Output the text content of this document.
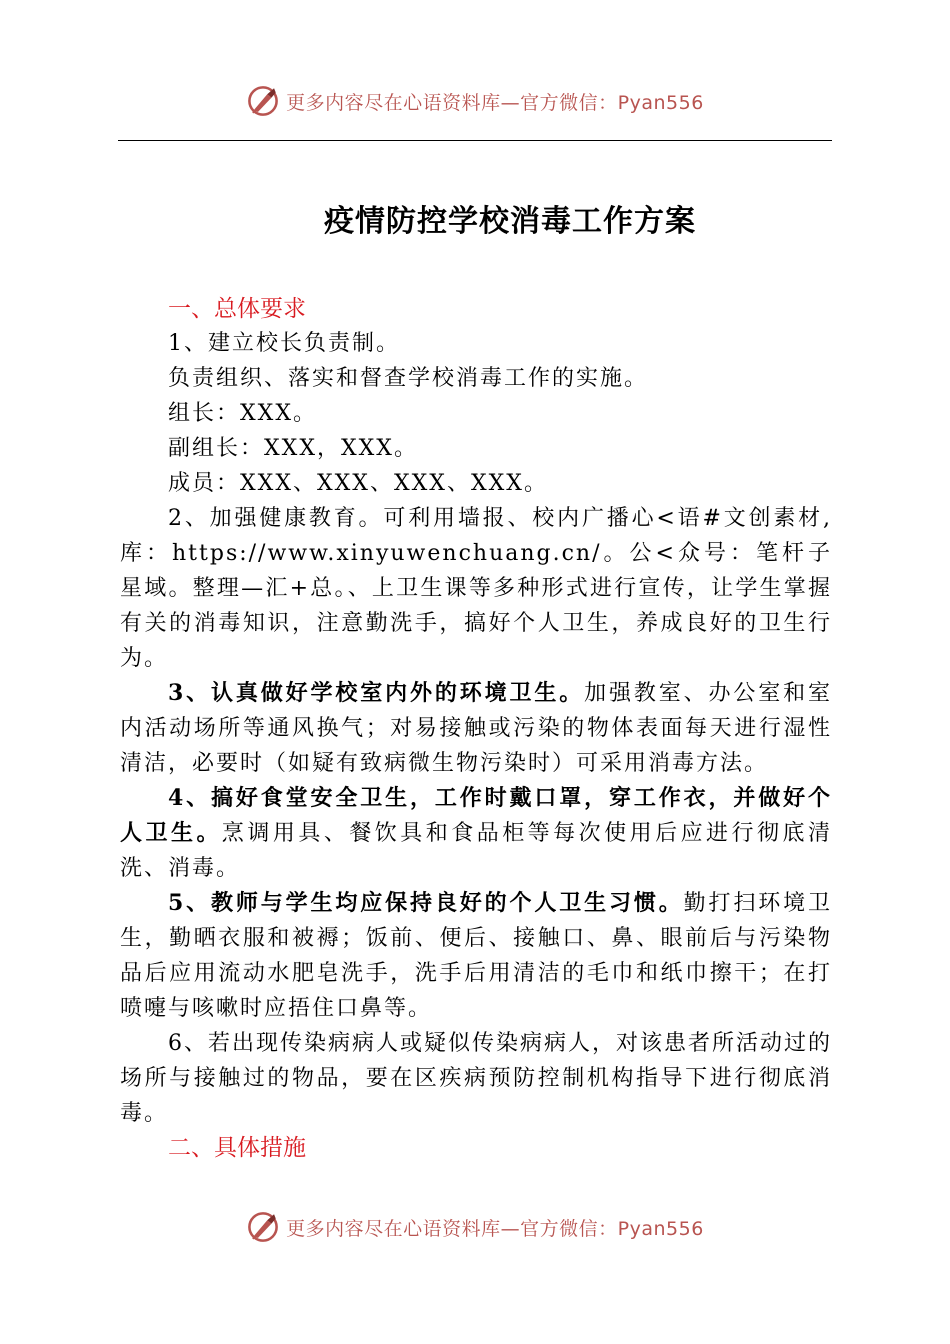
更多内容尽在心语资料库—官方微信：Pyan556
疫情防控学校消毒工作方案

一、总体要求

1、建立校长负责制。

负责组织、落实和督查学校消毒工作的实施。

组长：XXX。

副组长：XXX，XXX。

成员：XXX、XXX、XXX、XXX。

2、加强健康教育。可利用墙报、校内广播心<语#文创素材,库：https://www.xinyuwenchuang.cn/。公<众号：笔杆子星域。整理—汇+总。、上卫生课等多种形式进行宣传，让学生掌握有关的消毒知识，注意勤洗手，搞好个人卫生，养成良好的卫生行为。

3、认真做好学校室内外的环境卫生。加强教室、办公室和室内活动场所等通风换气；对易接触或污染的物体表面每天进行湿性清洁，必要时（如疑有致病微生物污染时）可采用消毒方法。

4、搞好食堂安全卫生，工作时戴口罩，穿工作衣，并做好个人卫生。烹调用具、餐饮具和食品柜等每次使用后应进行彻底清洗、消毒。

5、教师与学生均应保持良好的个人卫生习惯。勤打扫环境卫生，勤晒衣服和被褥；饭前、便后、接触口、鼻、眼前后与污染物品后应用流动水肥皂洗手，洗手后用清洁的毛巾和纸巾擦干；在打喷嚏与咳嗽时应捂住口鼻等。

6、若出现传染病病人或疑似传染病病人，对该患者所活动过的场所与接触过的物品，要在区疾病预防控制机构指导下进行彻底消毒。

二、具体措施

更多内容尽在心语资料库—官方微信：Pyan556
